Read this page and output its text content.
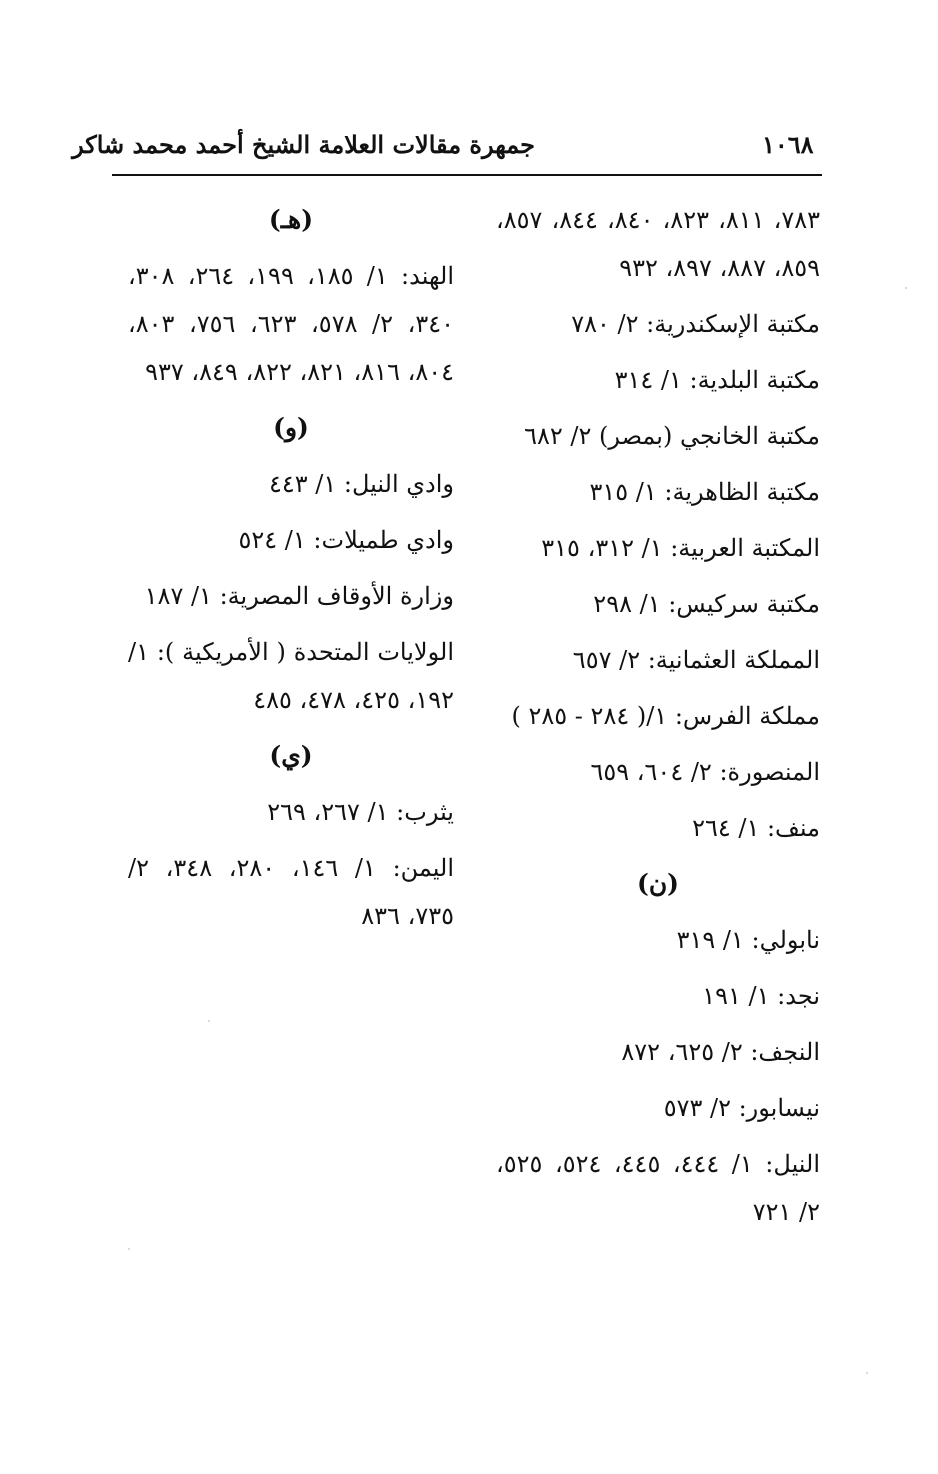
جمهرة مقالات العلامة الشيخ أحمد محمد شاكر	١٠٦٨
٧٨٣، ٨١١، ٨٢٣، ٨٤٠، ٨٤٤، ٨٥٧، ٨٥٩، ٨٨٧، ٨٩٧، ٩٣٢
مكتبة الإسكندرية: ٢/ ٧٨٠
مكتبة البلدية: ١/ ٣١٤
مكتبة الخانجي (بمصر) ٢/ ٦٨٢
مكتبة الظاهرية: ١/ ٣١٥
المكتبة العربية: ١/ ٣١٢، ٣١٥
مكتبة سركيس: ١/ ٢٩٨
المملكة العثمانية: ٢/ ٦٥٧
مملكة الفرس: ١/( ٢٨٤ - ٢٨٥ )
المنصورة: ٢/ ٦٠٤، ٦٥٩
منف: ١/ ٢٦٤
(ن)
نابولي: ١/ ٣١٩
نجد: ١/ ١٩١
النجف: ٢/ ٦٢٥، ٨٧٢
نيسابور: ٢/ ٥٧٣
النيل: ١/ ٤٤٤، ٤٤٥، ٥٢٤، ٥٢٥، ٢/ ٧٢١
(هـ)
الهند: ١/ ١٨٥، ١٩٩، ٢٦٤، ٣٠٨، ٣٤٠، ٢/ ٥٧٨، ٦٢٣، ٧٥٦، ٨٠٣، ٨٠٤، ٨١٦، ٨٢١، ٨٢٢، ٨٤٩، ٩٣٧
(و)
وادي النيل: ١/ ٤٤٣
وادي طميلات: ١/ ٥٢٤
وزارة الأوقاف المصرية: ١/ ١٨٧
الولايات المتحدة ( الأمريكية ): ١/ ١٩٢، ٤٢٥، ٤٧٨، ٤٨٥
(ي)
يثرب: ١/ ٢٦٧، ٢٦٩
اليمن: ١/ ١٤٦، ٢٨٠، ٣٤٨، ٢/ ٧٣٥، ٨٣٦
